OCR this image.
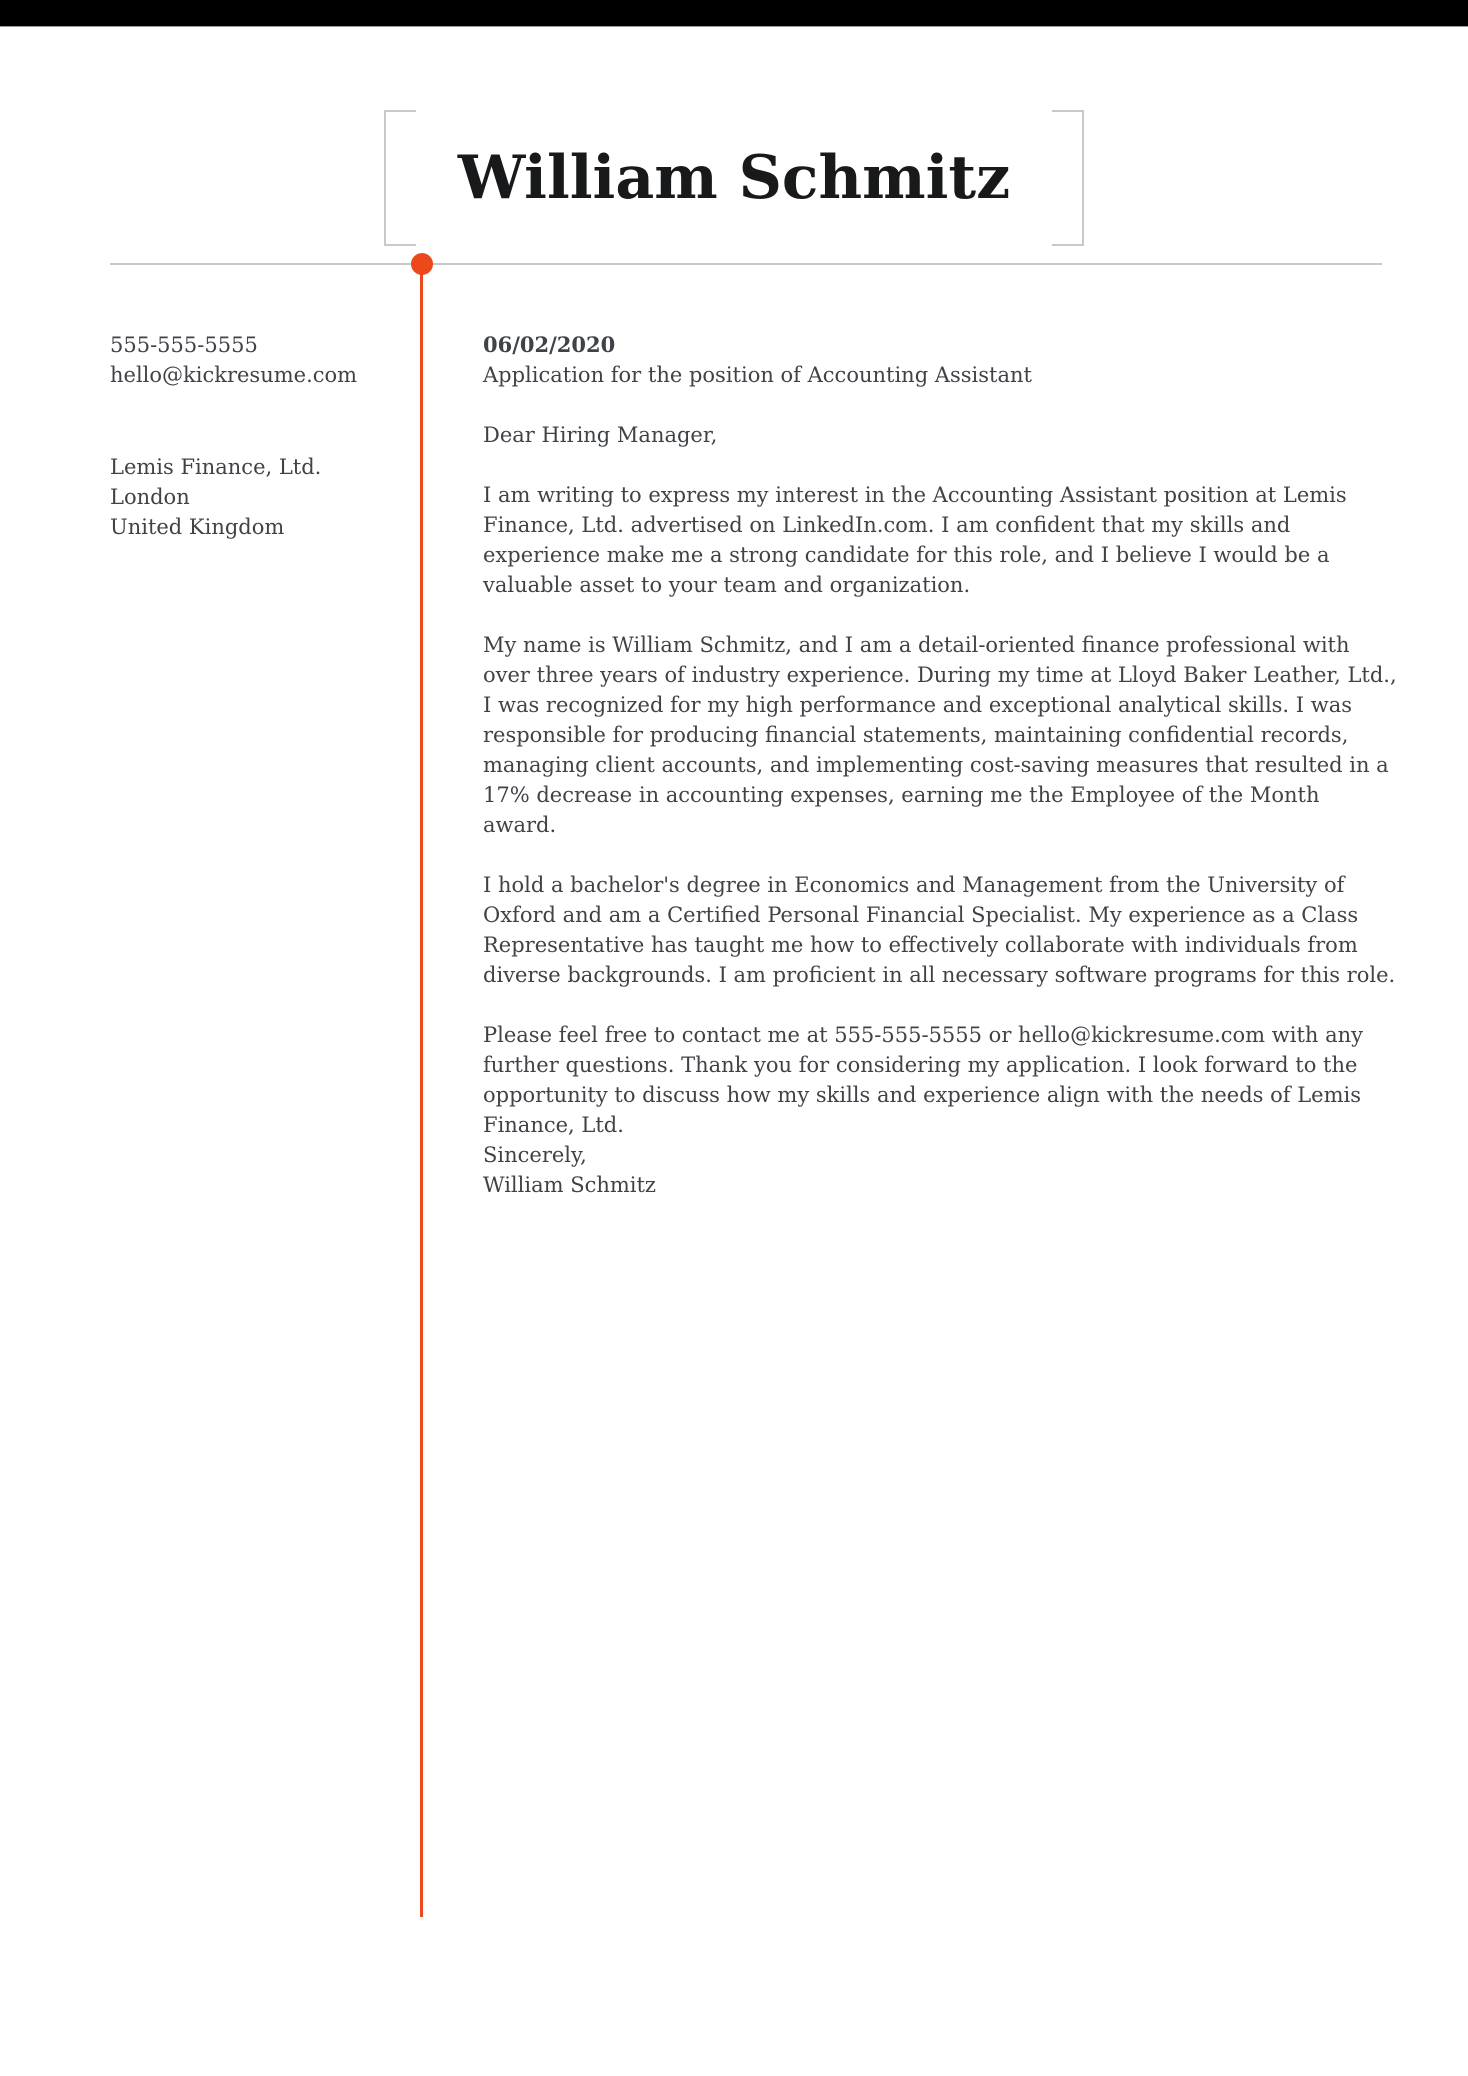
William Schmitz
555-555-5555
hello@kickresume.com
Lemis Finance, Ltd.
London
United Kingdom
06/02/2020
Application for the position of Accounting Assistant
Dear Hiring Manager,

I am writing to express my interest in the Accounting Assistant position at Lemis Finance, Ltd. advertised on LinkedIn.com. I am confident that my skills and experience make me a strong candidate for this role, and I believe I would be a valuable asset to your team and organization.

My name is William Schmitz, and I am a detail-oriented finance professional with over three years of industry experience. During my time at Lloyd Baker Leather, Ltd., I was recognized for my high performance and exceptional analytical skills. I was responsible for producing financial statements, maintaining confidential records, managing client accounts, and implementing cost-saving measures that resulted in a 17% decrease in accounting expenses, earning me the Employee of the Month award.

I hold a bachelor's degree in Economics and Management from the University of Oxford and am a Certified Personal Financial Specialist. My experience as a Class Representative has taught me how to effectively collaborate with individuals from diverse backgrounds. I am proficient in all necessary software programs for this role.

Please feel free to contact me at 555-555-5555 or hello@kickresume.com with any further questions. Thank you for considering my application. I look forward to the opportunity to discuss how my skills and experience align with the needs of Lemis Finance, Ltd.

Sincerely,
William Schmitz
